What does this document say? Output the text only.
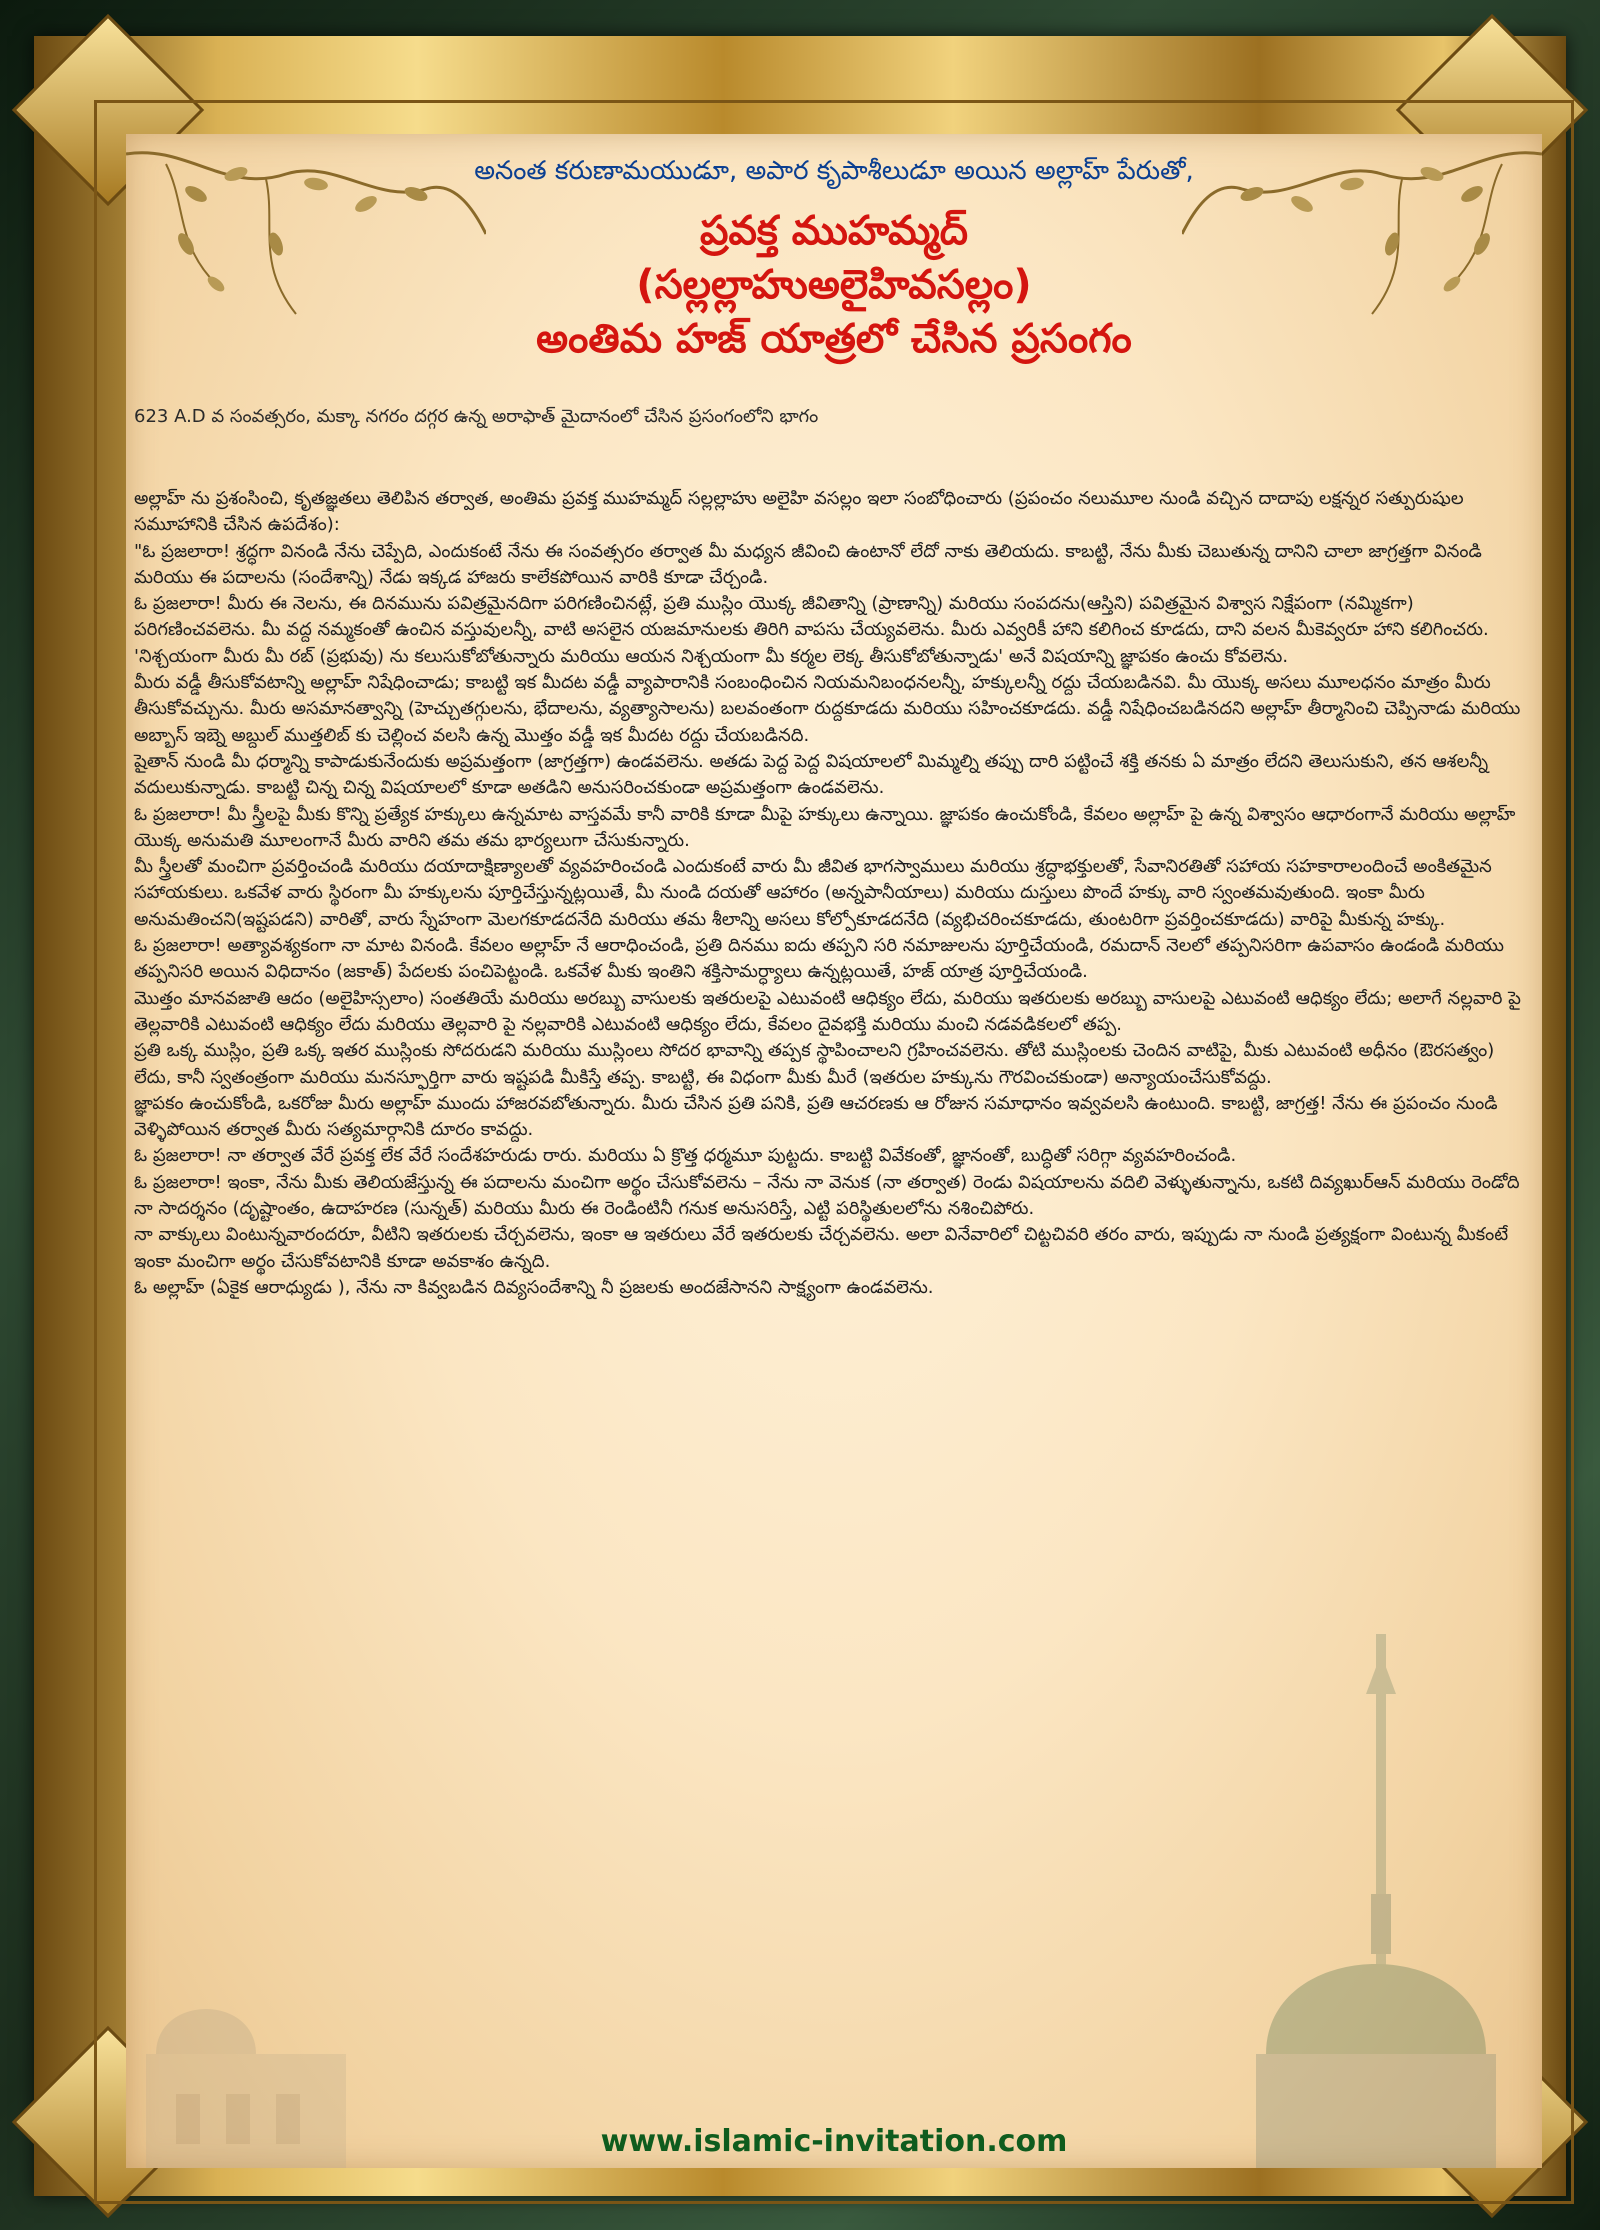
అనంత కరుణామయుడూ, అపార కృపాశీలుడూ అయిన అల్లాహ్ పేరుతో,

ప్రవక్త ముహమ్మద్

(సల్లల్లాహుఅలైహివసల్లం)

అంతిమ హజ్ యాత్రలో చేసిన ప్రసంగం

623 A.D వ సంవత్సరం, మక్కా నగరం దగ్గర ఉన్న అరాఫాత్ మైదానంలో చేసిన ప్రసంగంలోని భాగం

అల్లాహ్ ను ప్రశంసించి, కృతజ్ఞతలు తెలిపిన తర్వాత, అంతిమ ప్రవక్త ముహమ్మద్ సల్లల్లాహు అలైహి వసల్లం ఇలా సంబోధించారు (ప్రపంచం నలుమూల నుండి వచ్చిన దాదాపు లక్షన్నర సత్పురుషుల సమూహానికి చేసిన ఉపదేశం):

"ఓ ప్రజలారా! శ్రద్ధగా వినండి నేను చెప్పేది, ఎందుకంటే నేను ఈ సంవత్సరం తర్వాత మీ మధ్యన జీవించి ఉంటానో లేదో నాకు తెలియదు. కాబట్టి, నేను మీకు చెబుతున్న దానిని చాలా జాగ్రత్తగా వినండి మరియు ఈ పదాలను (సందేశాన్ని) నేడు ఇక్కడ హాజరు కాలేకపోయిన వారికి కూడా చేర్చండి.

ఓ ప్రజలారా! మీరు ఈ నెలను, ఈ దినమును పవిత్రమైనదిగా పరిగణించినట్లే, ప్రతి ముస్లిం యొక్క జీవితాన్ని (ప్రాణాన్ని) మరియు సంపదను(ఆస్తిని) పవిత్రమైన విశ్వాస నిక్షేపంగా (నమ్మికగా) పరిగణించవలెను. మీ వద్ద నమ్మకంతో ఉంచిన వస్తువులన్నీ, వాటి అసలైన యజమానులకు తిరిగి వాపసు చేయ్యవలెను. మీరు ఎవ్వరికీ హాని కలిగించ కూడదు, దాని వలన మీకెవ్వరూ హాని కలిగించరు. 'నిశ్చయంగా మీరు మీ రబ్ (ప్రభువు) ను కలుసుకోబోతున్నారు మరియు ఆయన నిశ్చయంగా మీ కర్మల లెక్క తీసుకోబోతున్నాడు' అనే విషయాన్ని జ్ఞాపకం ఉంచు కోవలెను.

మీరు వడ్డీ తీసుకోవటాన్ని అల్లాహ్ నిషేధించాడు; కాబట్టి ఇక మీదట వడ్డీ వ్యాపారానికి సంబంధించిన నియమనిబంధనలన్నీ, హక్కులన్నీ రద్దు చేయబడినవి. మీ యొక్క అసలు మూలధనం మాత్రం మీరు తీసుకోవచ్చును. మీరు అసమానత్వాన్ని (హెచ్చుతగ్గులను, భేదాలను, వ్యత్యాసాలను) బలవంతంగా రుద్దకూడదు మరియు సహించకూడదు. వడ్డీ నిషేధించబడినదని అల్లాహ్ తీర్మానించి చెప్పినాడు మరియు అబ్బాస్ ఇబ్నె అబ్దుల్ ముత్తలిబ్ కు చెల్లించ వలసి ఉన్న మొత్తం వడ్డీ ఇక మీదట రద్దు చేయబడినది.

షైతాన్ నుండి మీ ధర్మాన్ని కాపాడుకునేందుకు అప్రమత్తంగా (జాగ్రత్తగా) ఉండవలెను. అతడు పెద్ద పెద్ద విషయాలలో మిమ్మల్ని తప్పు దారి పట్టించే శక్తి తనకు ఏ మాత్రం లేదని తెలుసుకుని, తన ఆశలన్నీ వదులుకున్నాడు. కాబట్టి చిన్న చిన్న విషయాలలో కూడా అతడిని అనుసరించకుండా అప్రమత్తంగా ఉండవలెను.

ఓ ప్రజలారా! మీ స్త్రీలపై మీకు కొన్ని ప్రత్యేక హక్కులు ఉన్నమాట వాస్తవమే కానీ వారికి కూడా మీపై హక్కులు ఉన్నాయి. జ్ఞాపకం ఉంచుకోండి, కేవలం అల్లాహ్ పై ఉన్న విశ్వాసం ఆధారంగానే మరియు అల్లాహ్ యొక్క అనుమతి మూలంగానే మీరు వారిని తమ తమ భార్యలుగా చేసుకున్నారు.

మీ స్త్రీలతో మంచిగా ప్రవర్తించండి మరియు దయాదాక్షిణ్యాలతో వ్యవహరించండి ఎందుకంటే వారు మీ జీవిత భాగస్వాములు మరియు శ్రద్ధాభక్తులతో, సేవానిరతితో సహాయ సహకారాలందించే అంకితమైన సహాయకులు. ఒకవేళ వారు స్థిరంగా మీ హక్కులను పూర్తిచేస్తున్నట్లయితే, మీ నుండి దయతో ఆహారం (అన్నపానీయాలు) మరియు దుస్తులు పొందే హక్కు వారి స్వంతమవుతుంది. ఇంకా మీరు అనుమతించని(ఇష్టపడని) వారితో, వారు స్నేహంగా మెలగకూడదనేది మరియు తమ శీలాన్ని అసలు కోల్పోకూడదనేది (వ్యభిచరించకూడదు, తుంటరిగా ప్రవర్తించకూడదు) వారిపై మీకున్న హక్కు.

ఓ ప్రజలారా! అత్యావశ్యకంగా నా మాట వినండి. కేవలం అల్లాహ్ నే ఆరాధించండి, ప్రతి దినము ఐదు తప్పని సరి నమాజులను పూర్తిచేయండి, రమదాన్ నెలలో తప్పనిసరిగా ఉపవాసం ఉండండి మరియు తప్పనిసరి అయిన విధిదానం (జకాత్) పేదలకు పంచిపెట్టండి. ఒకవేళ మీకు ఇంతిని శక్తిసామర్ధ్యాలు ఉన్నట్లయితే, హజ్ యాత్ర పూర్తిచేయండి.

మొత్తం మానవజాతి ఆదం (అలైహిస్సలాం) సంతతియే మరియు అరబ్బు వాసులకు ఇతరులపై ఎటువంటి ఆధిక్యం లేదు, మరియు ఇతరులకు అరబ్బు వాసులపై ఎటువంటి ఆధిక్యం లేదు; అలాగే నల్లవారి పై తెల్లవారికి ఎటువంటి ఆధిక్యం లేదు మరియు తెల్లవారి పై నల్లవారికి ఎటువంటి ఆధిక్యం లేదు, కేవలం దైవభక్తి మరియు మంచి నడవడికలలో తప్ప.

ప్రతి ఒక్క ముస్లిం, ప్రతి ఒక్క ఇతర ముస్లింకు సోదరుడని మరియు ముస్లింలు సోదర భావాన్ని తప్పక స్థాపించాలని గ్రహించవలెను. తోటి ముస్లింలకు చెందిన వాటిపై, మీకు ఎటువంటి అధీనం (ఔరసత్వం) లేదు, కానీ స్వతంత్రంగా మరియు మనస్ఫూర్తిగా వారు ఇష్టపడి మీకిస్తే తప్ప. కాబట్టి, ఈ విధంగా మీకు మీరే (ఇతరుల హక్కును గౌరవించకుండా) అన్యాయంచేసుకోవద్దు.

జ్ఞాపకం ఉంచుకోండి, ఒకరోజు మీరు అల్లాహ్ ముందు హాజరవబోతున్నారు. మీరు చేసిన ప్రతి పనికి, ప్రతి ఆచరణకు ఆ రోజున సమాధానం ఇవ్వవలసి ఉంటుంది. కాబట్టి, జాగ్రత్త! నేను ఈ ప్రపంచం నుండి వెళ్ళిపోయిన తర్వాత మీరు సత్యమార్గానికి దూరం కావద్దు.

ఓ ప్రజలారా! నా తర్వాత వేరే ప్రవక్త లేక వేరే సందేశహరుడు రారు. మరియు ఏ క్రొత్త ధర్మమూ పుట్టదు. కాబట్టి వివేకంతో, జ్ఞానంతో, బుద్ధితో సరిగ్గా వ్యవహరించండి.

ఓ ప్రజలారా! ఇంకా, నేను మీకు తెలియజేస్తున్న ఈ పదాలను మంచిగా అర్థం చేసుకోవలెను – నేను నా వెనుక (నా తర్వాత) రెండు విషయాలను వదిలి వెళ్ళుతున్నాను, ఒకటి దివ్యఖుర్ఆన్ మరియు రెండోది నా సాదర్శనం (దృష్టాంతం, ఉదాహరణ (సున్నత్) మరియు మీరు ఈ రెండింటినీ గనుక అనుసరిస్తే, ఎట్టి పరిస్థితులలోను నశించిపోరు.

నా వాక్కులు వింటున్నవారందరూ, వీటిని ఇతరులకు చేర్చవలెను, ఇంకా ఆ ఇతరులు వేరే ఇతరులకు చేర్చవలెను. అలా వినేవారిలో చిట్టచివరి తరం వారు, ఇప్పుడు నా నుండి ప్రత్యక్షంగా వింటున్న మీకంటే ఇంకా మంచిగా అర్థం చేసుకోవటానికి కూడా అవకాశం ఉన్నది.

ఓ అల్లాహ్ (ఏకైక ఆరాధ్యుడు ), నేను నా కివ్వబడిన దివ్యసందేశాన్ని నీ ప్రజలకు అందజేసానని సాక్ష్యంగా ఉండవలెను.

www.islamic-invitation.com
